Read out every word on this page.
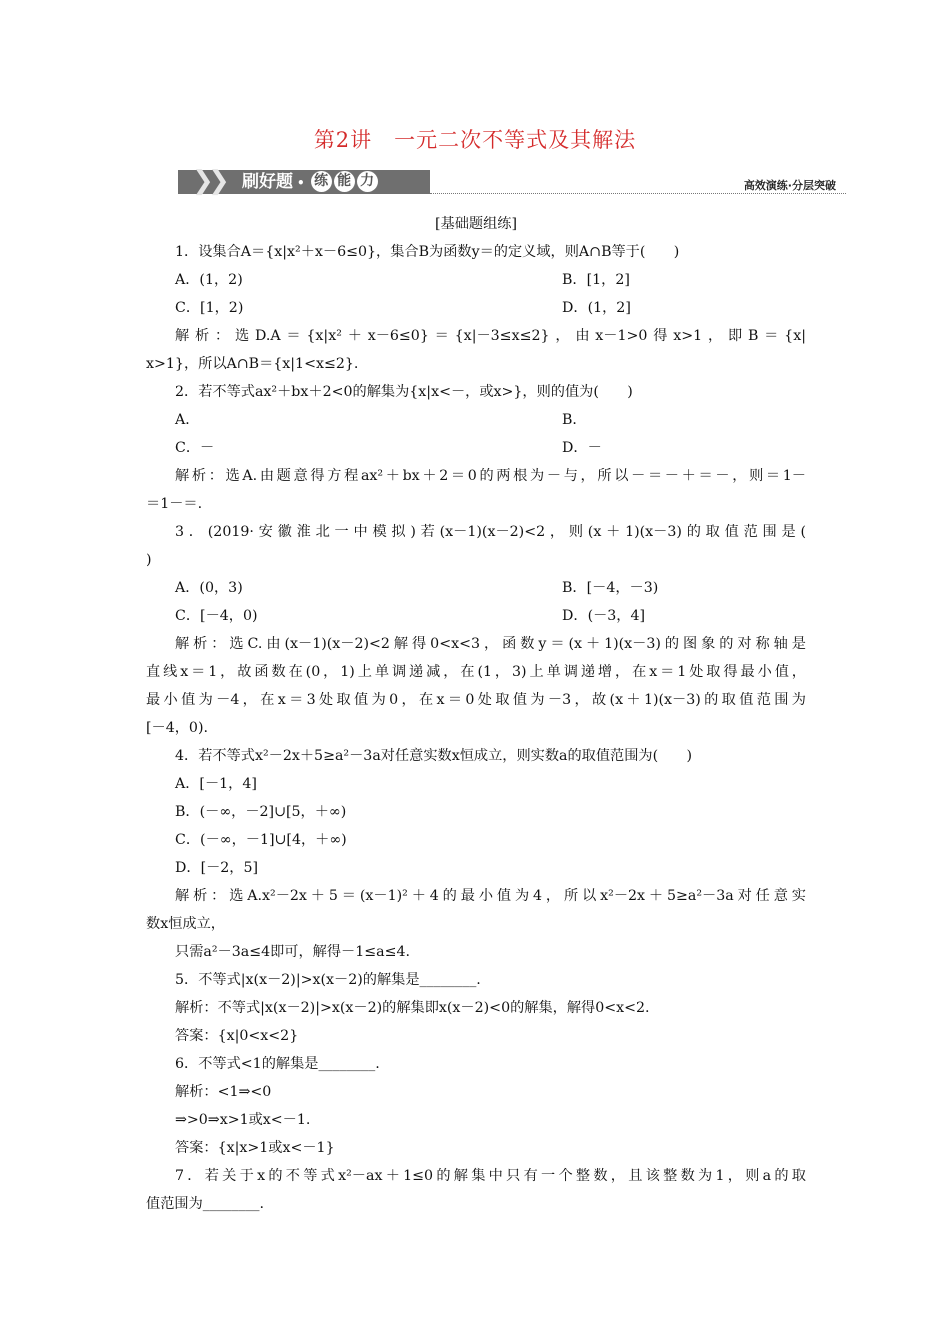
第2讲　一元二次不等式及其解法
❯
❯ 刷好题 • 练 能 力	高效演练·分层突破
[基础题组练]
1．设集合A＝{x|x²＋x－6≤0}，集合B为函数y＝的定义域，则A∩B等于(　　)
A．(1，2)	B．[1，2]
C．[1，2)	D．(1，2]
解析：选D.A＝{x|x²＋x－6≤0}＝{x|－3≤x≤2}，由x－1>0得x>1，即B＝{x|
x>1}，所以A∩B＝{x|1<x≤2}.
2．若不等式ax²＋bx＋2<0的解集为{x|x<－，或x>}，则的值为(　　)
A．	B．
C．－	D．－
解析：选A.由题意得方程ax²＋bx＋2＝0的两根为－与，所以－＝－＋＝－，则＝1－
＝1－＝.
3．(2019·安徽淮北一中模拟)若(x－1)(x－2)<2，则(x＋1)(x－3)的取值范围是(
)
A．(0，3)	B．[－4，－3)
C．[－4，0)	D．(－3，4]
解析：选C.由(x－1)(x－2)<2解得0<x<3，函数y＝(x＋1)(x－3)的图象的对称轴是
直线x＝1，故函数在(0，1)上单调递减，在(1，3)上单调递增，在x＝1处取得最小值，
最小值为－4，在x＝3处取值为0，在x＝0处取值为－3，故(x＋1)(x－3)的取值范围为
[－4，0).
4．若不等式x²－2x＋5≥a²－3a对任意实数x恒成立，则实数a的取值范围为(　　)
A．[－1，4]
B．(－∞，－2]∪[5，＋∞)
C．(－∞，－1]∪[4，＋∞)
D．[－2，5]
解析：选A.x²－2x＋5＝(x－1)²＋4的最小值为4，所以x²－2x＋5≥a²－3a对任意实
数x恒成立，
只需a²－3a≤4即可，解得－1≤a≤4.
5．不等式|x(x－2)|>x(x－2)的解集是________.
解析：不等式|x(x－2)|>x(x－2)的解集即x(x－2)<0的解集，解得0<x<2.
答案：{x|0<x<2}
6．不等式<1的解集是________.
解析：<1⇒<0
⇒>0⇒x>1或x<－1.
答案：{x|x>1或x<－1}
7．若关于x的不等式x²－ax＋1≤0的解集中只有一个整数，且该整数为1，则a的取
值范围为________.
